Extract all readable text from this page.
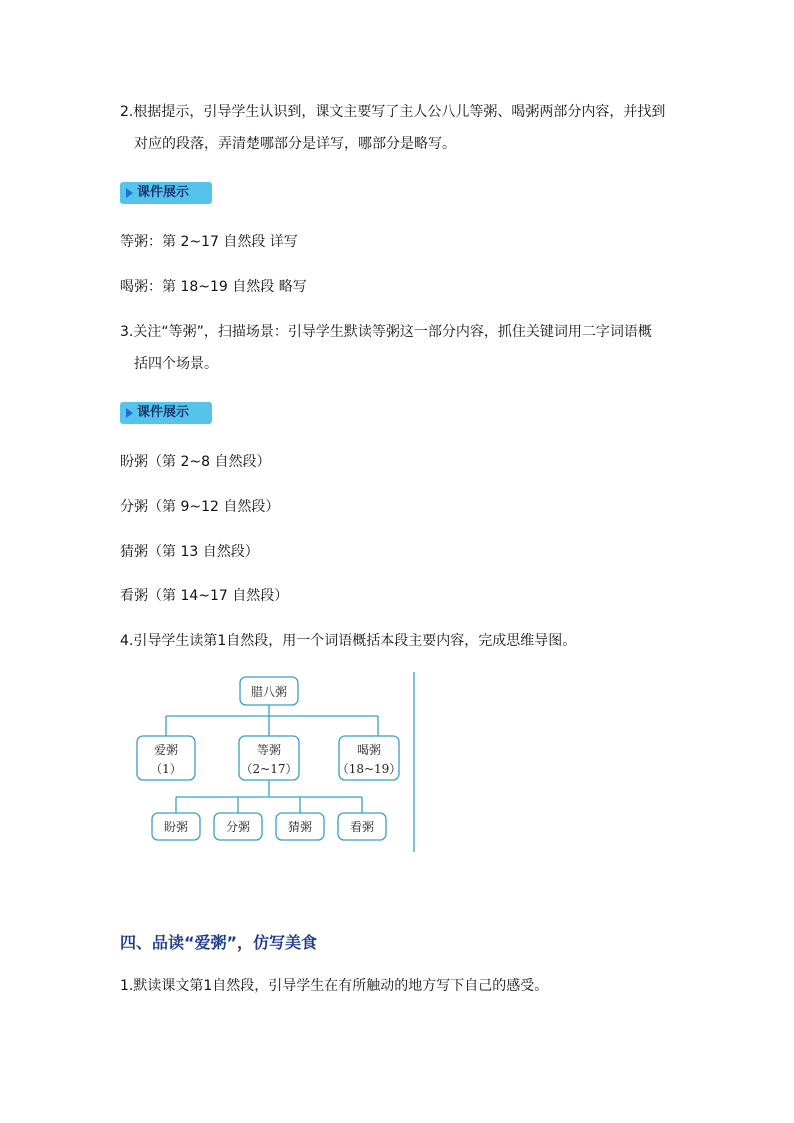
2.根据提示，引导学生认识到，课文主要写了主人公八儿等粥、喝粥两部分内容，并找到
对应的段落，弄清楚哪部分是详写，哪部分是略写。
课件展示
等粥：第 2~17 自然段 详写
喝粥：第 18~19 自然段 略写
3.关注“等粥”，扫描场景：引导学生默读等粥这一部分内容，抓住关键词用二字词语概
括四个场景。
课件展示
盼粥（第 2~8 自然段）
分粥（第 9~12 自然段）
猜粥（第 13 自然段）
看粥（第 14~17 自然段）
4.引导学生读第1自然段，用一个词语概括本段主要内容，完成思维导图。
腊八粥
爱粥
（1）
等粥
（2~17）
喝粥
（18~19）
盼粥	分粥	猜粥	看粥
四、品读“爱粥”，仿写美食
1.默读课文第1自然段，引导学生在有所触动的地方写下自己的感受。
